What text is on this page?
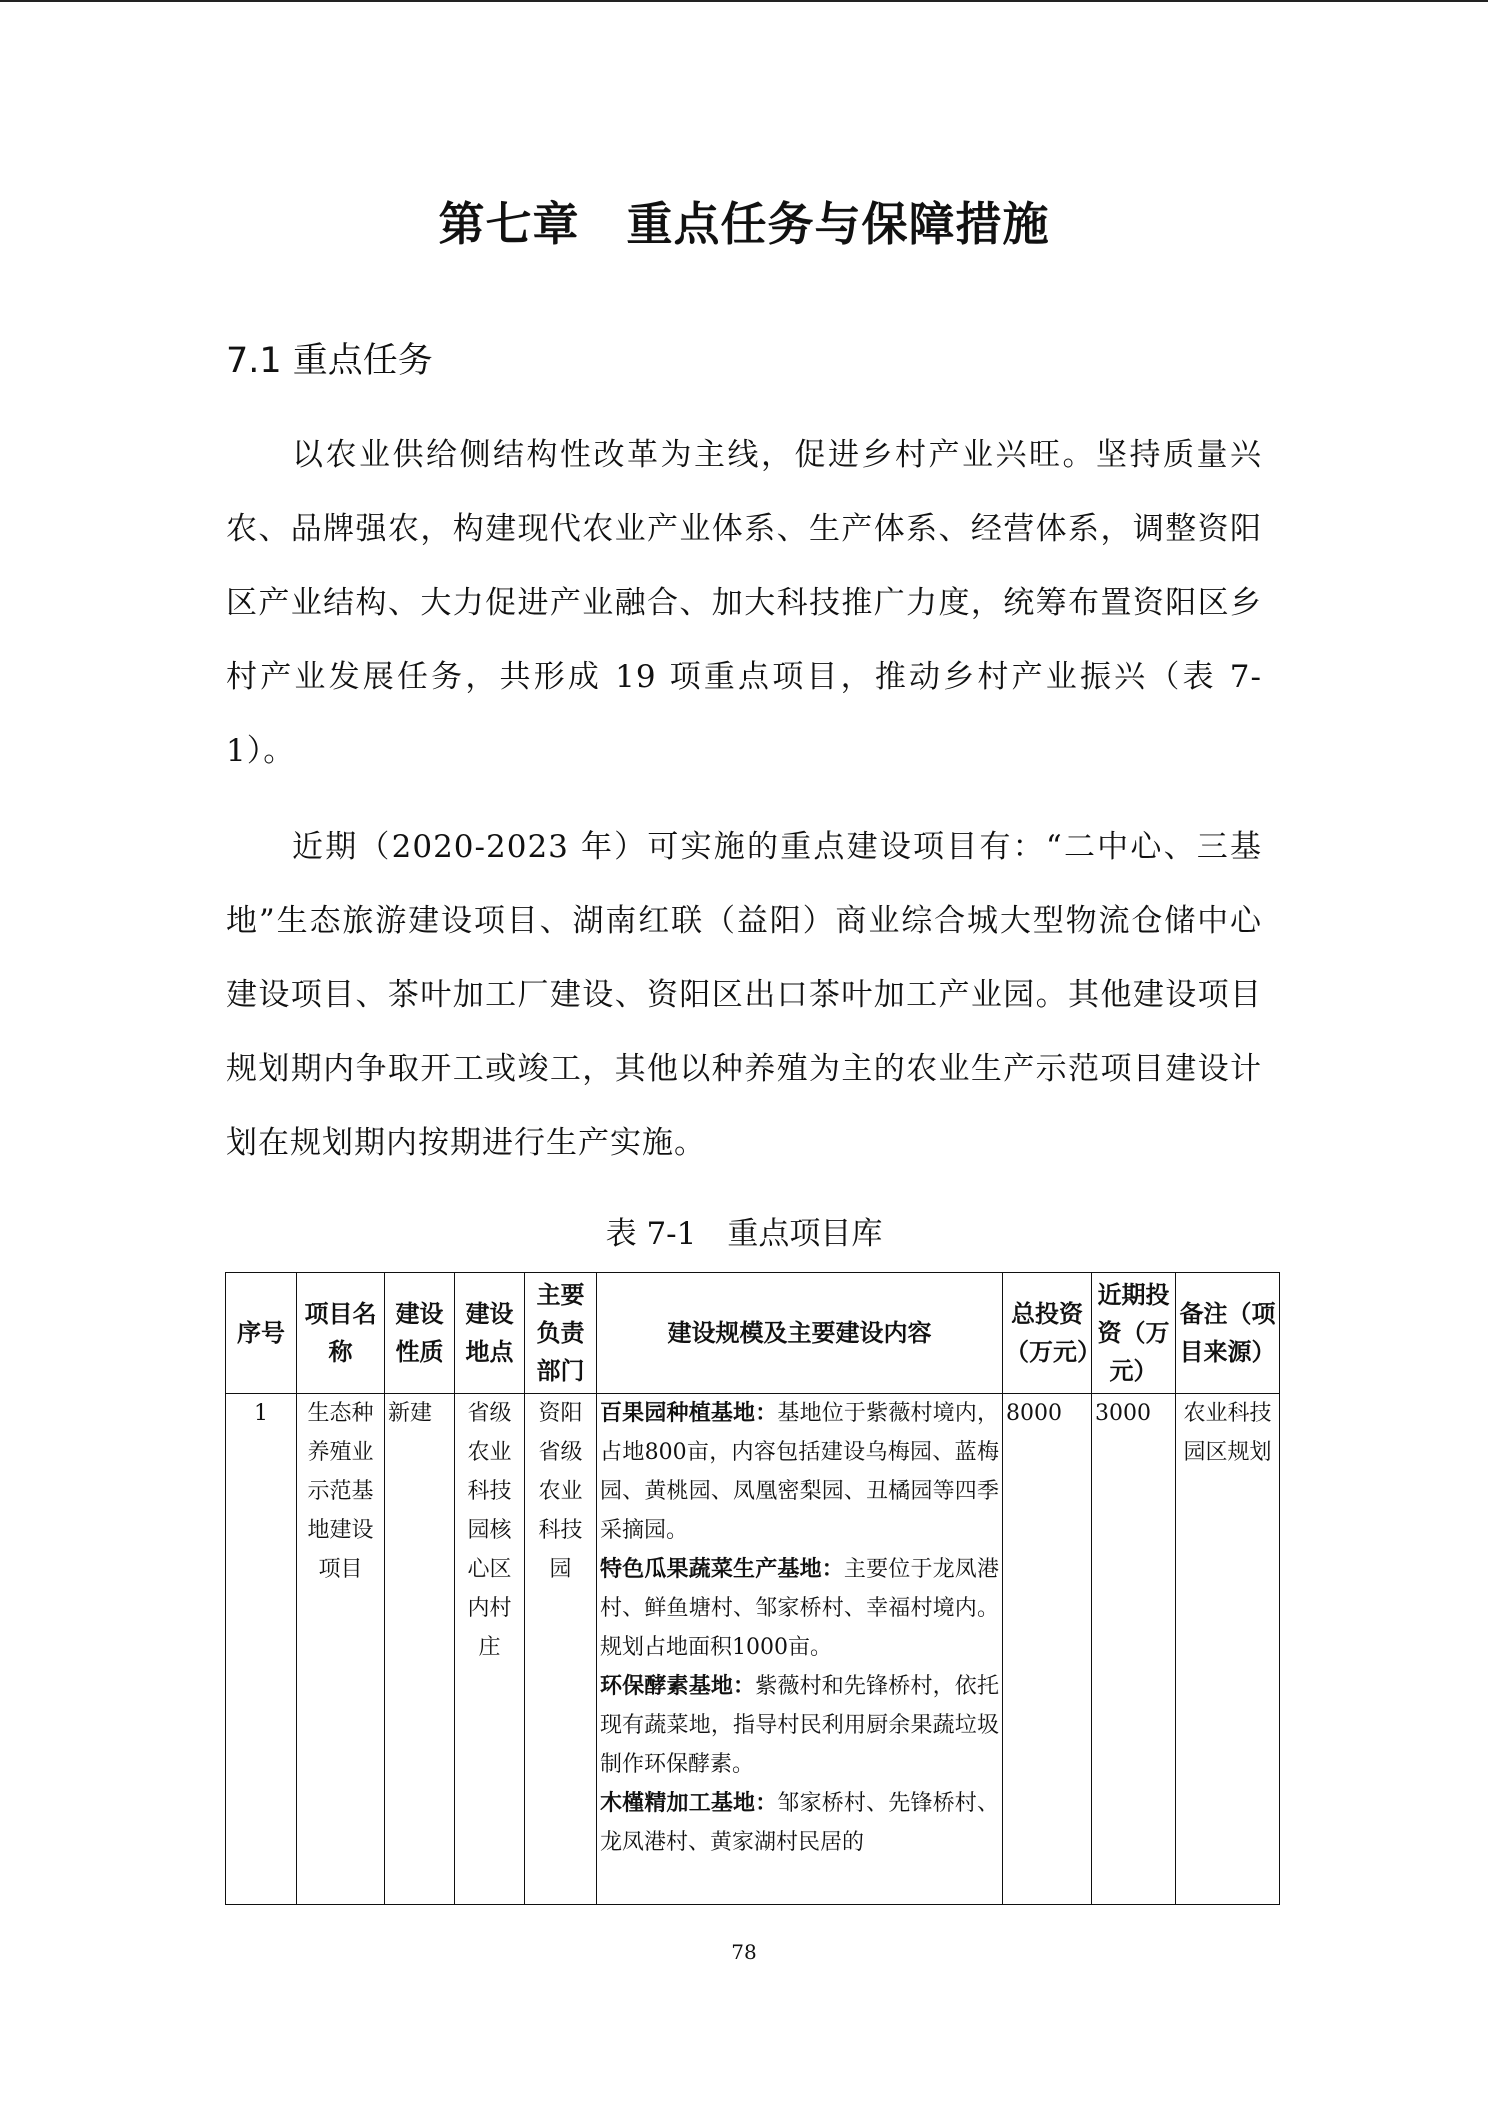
第七章　重点任务与保障措施
7.1 重点任务

以农业供给侧结构性改革为主线，促进乡村产业兴旺。坚持质量兴农、品牌强农，构建现代农业产业体系、生产体系、经营体系，调整资阳区产业结构、大力促进产业融合、加大科技推广力度，统筹布置资阳区乡村产业发展任务，共形成 19 项重点项目，推动乡村产业振兴（表 7-1）。

近期（2020-2023 年）可实施的重点建设项目有：“二中心、三基地”生态旅游建设项目、湖南红联（益阳）商业综合城大型物流仓储中心建设项目、茶叶加工厂建设、资阳区出口茶叶加工产业园。其他建设项目规划期内争取开工或竣工，其他以种养殖为主的农业生产示范项目建设计划在规划期内按期进行生产实施。

表 7-1　重点项目库
序号	项目名称	建设性质	建设地点	主要负责部门	建设规模及主要建设内容	总投资（万元）	近期投资（万元）	备注（项目来源）
1	生态种养殖业示范基地建设项目	新建	省级农业科技园核心区内村庄	资阳省级农业科技园	百果园种植基地：基地位于紫薇村境内，占地800亩，内容包括建设乌梅园、蓝梅园、黄桃园、凤凰密梨园、丑橘园等四季采摘园。
特色瓜果蔬菜生产基地：主要位于龙凤港村、鲜鱼塘村、邹家桥村、幸福村境内。规划占地面积1000亩。
环保酵素基地：紫薇村和先锋桥村，依托现有蔬菜地，指导村民利用厨余果蔬垃圾制作环保酵素。
木槿精加工基地：邹家桥村、先锋桥村、龙凤港村、黄家湖村民居的	8000	3000	农业科技园区规划
78
